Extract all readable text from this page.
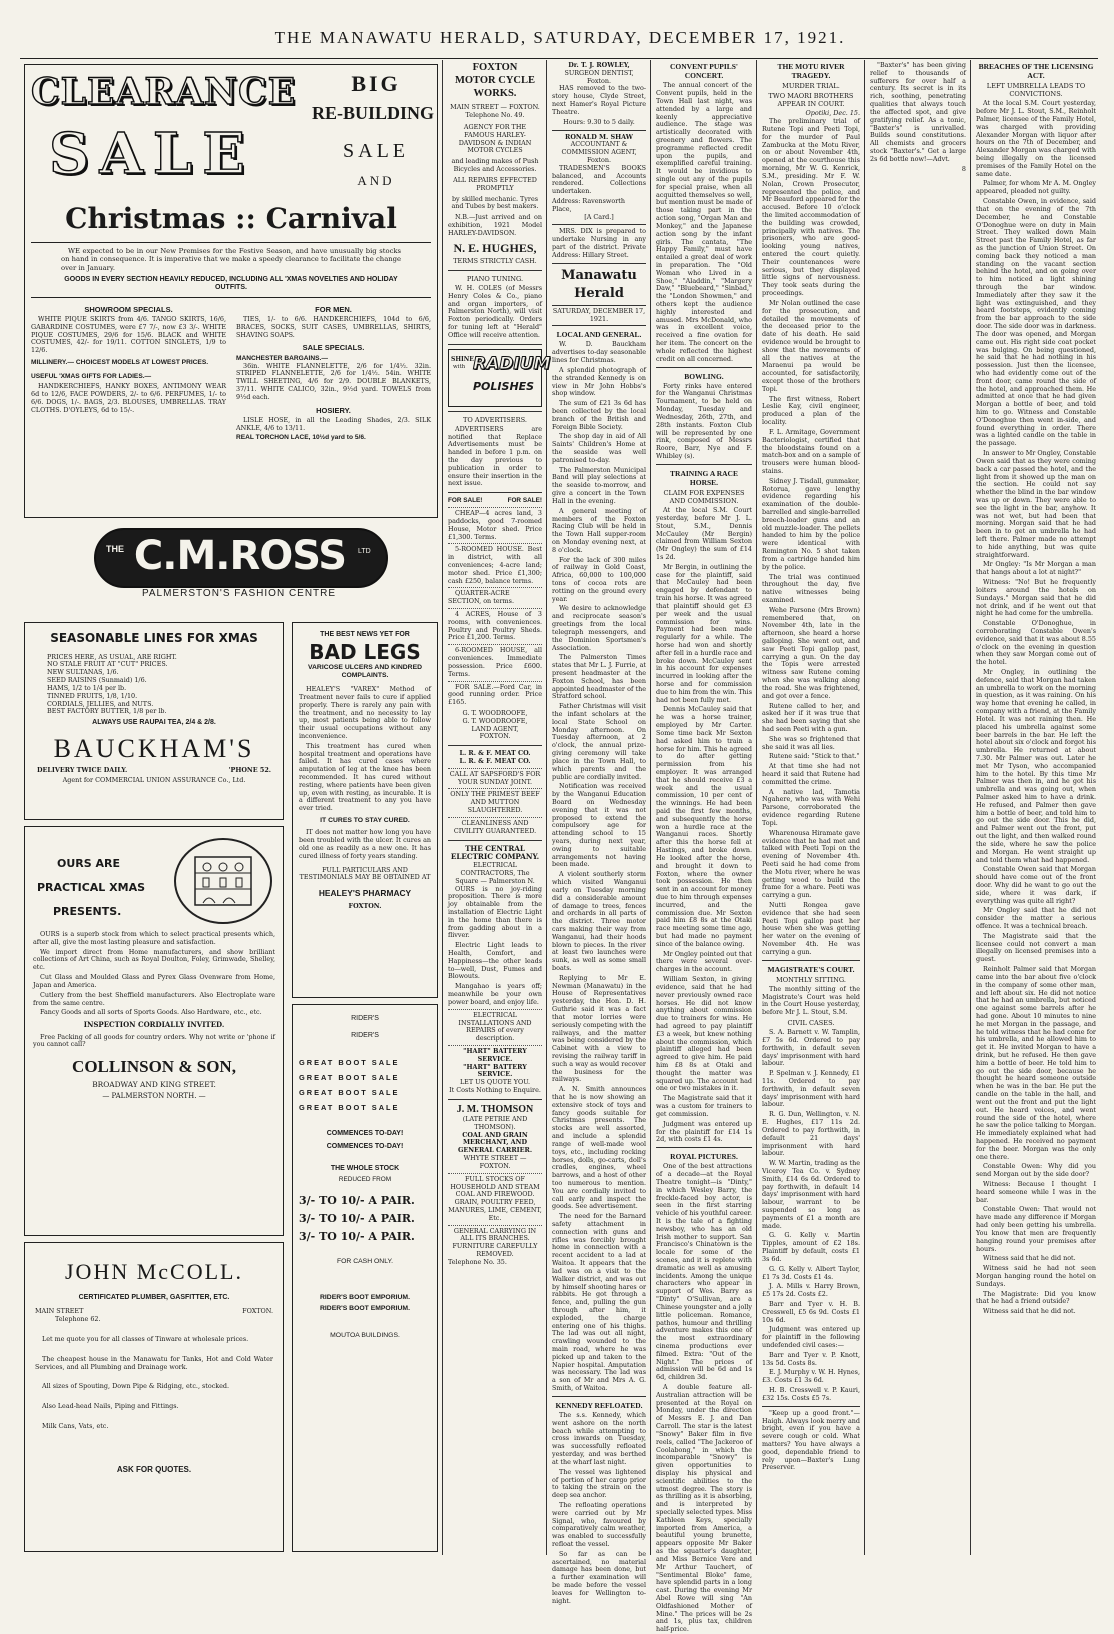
THE MANAWATU HERALD, SATURDAY, DECEMBER 17, 1921.
CLEARANCE
SALE
BIG
RE-BUILDING
SALE
AND
Christmas :: Carnival

WE expected to be in our New Premises for the Festive Season, and have unusually big stocks on hand in consequence. It is imperative that we make a speedy clearance to facilitate the change over in January.

GOODS IN EVERY SECTION HEAVILY REDUCED, INCLUDING ALL 'XMAS NOVELTIES AND HOLIDAY OUTFITS.
SHOWROOM SPECIALS.

WHITE PIQUE SKIRTS from 4/6. TANGO SKIRTS, 16/6, GABARDINE COSTUMES, were £7 7/-, now £3 3/-. WHITE PIQUE COSTUMES, 29/6 for 15/6. BLACK and WHITE COSTUMES, 42/- for 19/11. COTTON SINGLETS, 1/9 to 12/6.

MILLINERY.— CHOICEST MODELS AT LOWEST PRICES.
USEFUL 'XMAS GIFTS FOR LADIES.—

HANDKERCHIEFS, HANKY BOXES, ANTIMONY WEAR 6d to 12/6, FACE POWDERS, 2/- to 6/6. PERFUMES, 1/- to 6/6. DOGS, 1/-. BAGS, 2/3. BLOUSES, UMBRELLAS. TRAY CLOTHS. D'OYLEYS, 6d to 15/-.

FOR MEN.

TIES, 1/- to 6/6. HANDKERCHIEFS, 104d to 6/6, BRACES, SOCKS, SUIT CASES, UMBRELLAS, SHIRTS, SHAVING SOAPS.

SALE SPECIALS.
MANCHESTER BARGAINS.—

36in. WHITE FLANNELETTE, 2/6 for 1/4½. 32in. STRIPED FLANNELETTE, 2/6 for 1/4½. 54in. WHITE TWILL SHEETING, 4/6 for 2/9. DOUBLE BLANKETS, 37/11. WHITE CALICO, 32in., 9½d yard. TOWELS from 9½d each.

HOSIERY.

LISLE HOSE, in all the Leading Shades, 2/3. SILK ANKLE, 4/6 to 13/11.

REAL TORCHON LACE, 10½d yard to 5/6.
THE C.M.ROSS Co
LTD
PALMERSTON'S FASHION CENTRE
SEASONABLE LINES FOR XMAS
PRICES HERE, AS USUAL, ARE RIGHT.
NO STALE FRUIT AT "CUT" PRICES.
NEW SULTANAS, 1/6.
SEED RAISINS (Sunmaid) 1/6.
HAMS, 1/2 to 1/4 per lb.
TINNED FRUITS, 1/8, 1/10.
CORDIALS, JELLIES, and NUTS.
BEST FACTORY BUTTER, 1/8 per lb.
ALWAYS USE RAUPAI TEA, 2/4 & 2/8.
BAUCKHAM'S
DELIVERY TWICE DAILY.	'PHONE 52.
Agent for COMMERCIAL UNION ASSURANCE Co., Ltd.
OURS ARE
PRACTICAL XMAS
PRESENTS.

OURS is a superb stock from which to select practical presents which, after all, give the most lasting pleasure and satisfaction.

We import direct from Home manufacturers, and show brilliant collections of Art China, such as Royal Doulton, Foley, Grimwade, Shelley, etc.

Cut Glass and Moulded Glass and Pyrex Glass Ovenware from Home, Japan and America.

Cutlery from the best Sheffield manufacturers. Also Electroplate ware from the same centre.

Fancy Goods and all sorts of Sports Goods. Also Hardware, etc., etc.

INSPECTION CORDIALLY INVITED.

Free Packing of all goods for country orders. Why not write or 'phone if you cannot call?

COLLINSON & SON,
BROADWAY AND KING STREET.
— PALMERSTON NORTH. —
JOHN McCOLL.
CERTIFICATED PLUMBER, GASFITTER, ETC.
MAIN STREET	FOXTON.
Telephone 62.

Let me quote you for all classes of Tinware at wholesale prices.

The cheapest house in the Manawatu for Tanks, Hot and Cold Water Services, and all Plumbing and Drainage work.

All sizes of Spouting, Down Pipe & Ridging, etc., stocked.

Also Lead-head Nails, Piping and Fittings.

Milk Cans, Vats, etc.

ASK FOR QUOTES.
THE BEST NEWS YET FOR
BAD LEGS
VARICOSE ULCERS AND KINDRED COMPLAINTS.

HEALEY'S "VAREX" Method of Treatment never fails to cure if applied properly. There is rarely any pain with the treatment, and no necessity to lay up, most patients being able to follow their usual occupations without any inconvenience.

This treatment has cured when hospital treatment and operations have failed. It has cured cases where amputation of leg at the knee has been recommended. It has cured without resting, where patients have been given up, even with resting, as incurable. It is a different treatment to any you have ever tried.

IT CURES TO STAY CURED.

IT does not matter how long you have been troubled with the ulcer. It cures an old one as readily as a new one. It has cured illness of forty years standing.

FULL PARTICULARS AND TESTIMONIALS MAY BE OBTAINED AT
HEALEY'S PHARMACY
FOXTON.
RIDER'S
RIDER'S
GREAT BOOT SALE
GREAT BOOT SALE
GREAT BOOT SALE
GREAT BOOT SALE
COMMENCES TO-DAY!
COMMENCES TO-DAY!
THE WHOLE STOCK
REDUCED FROM
3/- TO 10/- A PAIR.
3/- TO 10/- A PAIR.
3/- TO 10/- A PAIR.
FOR CASH ONLY.
RIDER'S BOOT EMPORIUM.
RIDER'S BOOT EMPORIUM.
MOUTOA BUILDINGS.
FOXTON
MOTOR CYCLE
WORKS.
MAIN STREET — FOXTON.
Telephone No. 49.
AGENCY FOR THE FAMOUS HARLEY-DAVIDSON & INDIAN MOTOR CYCLES
and leading makes of Push Bicycles and Accessories.
ALL REPAIRS EFFECTED PROMPTLY
by skilled mechanic. Tyres and Tubes by best makers.

N.B.—Just arrived and on exhibition, 1921 Model HARLEY-DAVIDSON.

N. E. HUGHES,
TERMS STRICTLY CASH.
PIANO TUNING.

W. H. COLES (of Messrs Henry Coles & Co., piano and organ importers, of Palmerston North), will visit Foxton periodically. Orders for tuning left at "Herald" Office will receive attention.

SHINE
with RADIUM
POLISHES
TO ADVERTISERS.

ADVERTISERS are notified that Replace Advertisements must be handed in before 1 p.m. on the day previous to publication in order to ensure their insertion in the next issue.

FOR SALE!	FOR SALE!

CHEAP—4 acres land, 3 paddocks, good 7-roomed House, Motor shed. Price £1,300. Terms.

5-ROOMED HOUSE. Best in district, with all conveniences; 4-acre land; motor shed. Price £1,300; cash £250, balance terms.

QUARTER-ACRE SECTION, on terms.

4 ACRES, House of 3 rooms, with conveniences. Poultry and Poultry Sheds. Price £1,200. Terms.

6-ROOMED HOUSE, all conveniences. Immediate possession. Price £600. Terms.

FOR SALE.—Ford Car, in good running order. Price £165.

G. T. WOODROOFE,
G. T. WOODROOFE,
LAND AGENT,
FOXTON.
L. R. & F. MEAT CO.
L. R. & F. MEAT CO.
CALL AT SAPSFORD'S FOR YOUR SUNDAY JOINT.
ONLY THE PRIMEST BEEF AND MUTTON SLAUGHTERED.
CLEANLINESS AND CIVILITY GUARANTEED.
THE CENTRAL ELECTRIC COMPANY.
ELECTRICAL CONTRACTORS, The Square — Palmerston N.

OURS is no joy-riding proposition. There is more joy obtainable from the installation of Electric Light in the home than there is from gadding about in a flivver.

Electric Light leads to Health, Comfort, and Happiness—the other leads to—well, Dust, Fumes and Blowouts.

Mangahao is years off; meanwhile be your own power board, and enjoy life.

ELECTRICAL INSTALLATIONS AND REPAIRS of every description.
"HART" BATTERY SERVICE.
"HART" BATTERY SERVICE.
LET US QUOTE YOU.
It Costs Nothing to Enquire.
J. M. THOMSON
(LATE PETRIE AND THOMSON).
COAL AND GRAIN MERCHANT, AND GENERAL CARRIER.
WHYTE STREET — FOXTON.
FULL STOCKS OF HOUSEHOLD AND STEAM COAL AND FIREWOOD.
GRAIN, POULTRY FEED, MANURES, LIME, CEMENT, Etc.
GENERAL CARRYING IN ALL ITS BRANCHES.
FURNITURE CAREFULLY REMOVED.
Telephone No. 35.
Dr. T. J. ROWLEY,
SURGEON DENTIST,
Foxton.

HAS removed to the two-story house, Clyde Street, next Hamer's Royal Picture Theatre.

Hours: 9.30 to 5 daily.
RONALD M. SHAW
ACCOUNTANT & COMMISSION AGENT,
Foxton.

TRADESMEN'S BOOKS balanced, and Accounts rendered. Collections undertaken.

Address: Ravensworth Place,
[A Card.]

MRS. DIX is prepared to undertake Nursing in any part of the district. Private Address: Hillary Street.

Manawatu Herald
SATURDAY, DECEMBER 17, 1921.
LOCAL AND GENERAL.

W. D. Bauckham advertises to-day seasonable lines for Christmas.

A splendid photograph of the stranded Kennedy is on view in Mr John Hobbs's shop window.

The sum of £21 3s 6d has been collected by the local branch of the British and Foreign Bible Society.

The shop day in aid of All Saints' Children's Home at the seaside was well patronised to-day.

The Palmerston Municipal Band will play selections at the seaside to-morrow, and give a concert in the Town Hall in the evening.

A general meeting of members of the Foxton Racing Club will be held in the Town Hall supper-room on Monday evening next, at 8 o'clock.

For the lack of 300 miles of railway in Gold Coast, Africa, 60,000 to 100,000 tons of cocoa rots are rotting on the ground every year.

We desire to acknowledge and reciprocate season's greetings from the local telegraph messengers, and the Dominion Sportsmen's Association.

The Palmerston Times states that Mr L. J. Furrie, at present headmaster at the Foxton School, has been appointed headmaster of the Stratford school.

Father Christmas will visit the infant scholars at the local State School on Monday afternoon. On Tuesday afternoon, at 2 o'clock, the annual prize-giving ceremony will take place in the Town Hall, to which parents and the public are cordially invited.

Notification was received by the Wanganui Education Board on Wednesday evening that it was not proposed to extend the compulsory age for attending school to 15 years, during next year, owing to suitable arrangements not having been made.

A violent southerly storm which visited Wanganui early on Tuesday morning did a considerable amount of damage to trees, fences and orchards in all parts of the district. Three motor cars making their way from Wanganui, had their hoods blown to pieces. In the river at least two launches were sunk, as well as some small boats.

Replying to Mr E. Newman (Manawatu) in the House of Representatives yesterday, the Hon. D. H. Guthrie said it was a fact that motor lorries were seriously competing with the railways, and the matter was being considered by the Cabinet with a view to revising the railway tariff in such a way as would recover the business for the railways.

A. N. Smith announces that he is now showing an extensive stock of toys and fancy goods suitable for Christmas presents. The stocks are well assorted, and include a splendid range of well-made wool toys, etc., including rocking horses, dolls, go-carts, doll's cradles, engines, wheel barrows, and a host of other too numerous to mention. You are cordially invited to call early and inspect the goods. See advertisement.

The need for the Barnard safety attachment in connection with guns and rifles was forcibly brought home in connection with a recent accident to a lad at Waitoa. It appears that the lad was on a visit to the Walker district, and was out by himself shooting hares or rabbits. He got through a fence, and, pulling the gun through after him, it exploded, the charge entering one of his thighs. The lad was out all night, crawling wounded to the main road, where he was picked up and taken to the Napier hospital. Amputation was necessary. The lad was a son of Mr and Mrs A. G. Smith, of Waitoa.

KENNEDY REFLOATED.

The s.s. Kennedy, which went ashore on the north beach while attempting to cross inwards on Tuesday, was successfully refloated yesterday, and was berthed at the wharf last night.

The vessel was lightened of portion of her cargo prior to taking the strain on the deep sea anchor.

The refloating operations were carried out by Mr Signal, who, favoured by comparatively calm weather, was enabled to successfully refloat the vessel.

So far as can be ascertained, no material damage has been done, but a further examination will be made before the vessel leaves for Wellington to-night.

CONVENT PUPILS' CONCERT.

The annual concert of the Convent pupils, held in the Town Hall last night, was attended by a large and keenly appreciative audience. The stage was artistically decorated with greenery and flowers. The programme reflected credit upon the pupils, and exemplified careful training. It would be invidious to single out any of the pupils for special praise, when all acquitted themselves so well, but mention must be made of those taking part in the action song, "Organ Man and Monkey," and the Japanese action song by the infant girls. The cantata, "The Happy Family," must have entailed a great deal of work in preparation. The "Old Woman who Lived in a Shoe," "Aladdin," "Margery Daw," "Bluebeard," "Sinbad," the "London Showmen," and others kept the audience highly interested and amused. Mrs McDonald, who was in excellent voice, received a fine ovation for her item. The concert on the whole reflected the highest credit on all concerned.

BOWLING.

Forty rinks have entered for the Wanganui Christmas Tournament, to be held on Monday, Tuesday and Wednesday, 26th, 27th, and 28th instants. Foxton Club will be represented by one rink, composed of Messrs Roore, Barr, Nye and F. Whibley (s).

TRAINING A RACE HORSE.
CLAIM FOR EXPENSES AND COMMISSION.

At the local S.M. Court yesterday, before Mr J. L. Stout, S.M., Dennis McCauley (Mr Bergin) claimed from William Sexton (Mr Ongley) the sum of £14 1s 2d.

Mr Bergin, in outlining the case for the plaintiff, said that McCauley had been engaged by defendant to train his horse. It was agreed that plaintiff should get £3 per week and the usual commission for wins. Payment had been made regularly for a while. The horse had won and shortly after fell in a hurdle race and broke down. McCauley sent in his account for expenses incurred in looking after the horse and for commission due to him from the win. This had not been fully met.

Dennis McCauley said that he was a horse trainer, employed by Mr Carter. Some time back Mr Sexton had asked him to train a horse for him. This he agreed to do after getting permission from his employer. It was arranged that he should receive £3 a week and the usual commission, 10 per cent of the winnings. He had been paid the first few months, and subsequently the horse won a hurdle race at the Wanganui races. Shortly after this the horse fell at Hastings, and broke down. He looked after the horse, and brought it down to Foxton, where the owner took possession. He then sent in an account for money due to him through expenses incurred, and the commission due. Mr Sexton paid him £8 8s at the Otaki race meeting some time ago, but had made no payment since of the balance owing.

Mr Ongley pointed out that there were several over-charges in the account.

William Sexton, in giving evidence, said that he had never previously owned race horses. He did not know anything about commission due to trainers for wins. He had agreed to pay plaintiff £3 a week, but knew nothing about the commission, which plaintiff alleged had been agreed to give him. He paid him £8 8s at Otaki and thought the matter was squared up. The account had one or two mistakes in it.

The Magistrate said that it was a custom for trainers to get commission.

Judgment was entered up for the plaintiff for £14 1s 2d, with costs £1 4s.

ROYAL PICTURES.

One of the best attractions of a decade—at the Royal Theatre tonight—is "Dinty," in which Wesley Barry, the freckle-faced boy actor, is seen in the first starring vehicle of his youthful career. It is the tale of a fighting newsboy, who has an old Irish mother to support. San Francisco's Chinatown is the locale for some of the scenes, and it is replete with dramatic as well as amusing incidents. Among the unique characters who appear in support of Wes. Barry as "Dinty" O'Sullivan, are a Chinese youngster and a jolly little policeman. Romance, pathos, humour and thrilling adventure makes this one of the most extraordinary cinema productions ever filmed. Extra: "Out of the Night." The prices of admission will be 6d and 1s 6d, children 3d.

A double feature all-Australian attraction will be presented at the Royal on Monday, under the direction of Messrs E. J. and Dan Carroll. The star is the latest "Snowy" Baker film in five reels, called "The Jackeroo of Coolabong," in which the incomparable "Snowy" is given opportunities to display his physical and scientific abilities to the utmost degree. The story is as thrilling as it is absorbing, and is interpreted by specially selected types. Miss Kathleen Keys, specially imported from America, a beautiful young brunette, appears opposite Mr Baker as the squatter's daughter, and Miss Bernice Vere and Mr Arthur Tauchert, of "Sentimental Bloke" fame, have splendid parts in a long cast. During the evening Mr Abel Rowe will sing "An Oldfashioned Mother of Mine." The prices will be 2s and 1s, plus tax, children half-price.

THE MOTU RIVER TRAGEDY.
MURDER TRIAL.
TWO MAORI BROTHERS APPEAR IN COURT.
Opotiki, Dec. 15.

The preliminary trial of Rutene Topi and Peeti Topi, for the murder of Paul Zambucka at the Motu River, on or about November 4th, opened at the courthouse this morning, Mr W. G. Kenrick, S.M., presiding. Mr F. W. Nolan, Crown Prosecutor, represented the police, and Mr Beauford appeared for the accused. Before 10 o'clock the limited accommodation of the building was crowded, principally with natives. The prisoners, who are good-looking young natives, entered the court quietly. Their countenances were serious, but they displayed little signs of nervousness. They took seats during the proceedings.

Mr Nolan outlined the case for the prosecution, and detailed the movements of the deceased prior to the date of his death. He said evidence would be brought to show that the movements of all the natives at the Maraenui pa would be accounted, for satisfactorily, except those of the brothers Topi.

The first witness, Robert Leslie Kay, civil engineer, produced a plan of the locality.

F. L. Armitage, Government Bacteriologist, certified that the bloodstains found on a match-box and on a sample of trousers were human blood-stains.

Sidney J. Tisdall, gunmaker, Rotorua, gave lengthy evidence regarding his examination of the double-barrelled and single-barrelled breech-loader guns and an old muzzle-loader. The pellets handed to him by the police were identical with Remington No. 5 shot taken from a cartridge handed him by the police.

The trial was continued throughout the day, five native witnesses being examined.

Wehe Parsone (Mrs Brown) remembered that, on November 4th, late in the afternoon, she heard a horse galloping. She went out, and saw Peeti Topi gallop past, carrying a gun. On the day the Topis were arrested witness saw Rutene coming when she was walking along the road. She was frightened, and got over a fence.

Rutene called to her, and asked her if it was true that she had been saying that she had seen Peeti with a gun.

She was so frightened that she said it was all lies.

Rutene said: "Stick to that."

At that time she had not heard it said that Rutene had committed the crime.

A native lad, Tamotia Ngahere, who was with Wehi Parsone, corroborated the evidence regarding Rutene Topi.

Wharenousa Hiramate gave evidence that he had met and talked with Peeti Topi on the evening of November 4th. Peeti said he had come from the Motu river, where he was getting wood to build the frame for a whare. Peeti was carrying a gun.

Nutti Rongea gave evidence that she had seen Peeti Topi gallop past her house when she was getting her water on the evening of November 4th. He was carrying a gun.

MAGISTRATE'S COURT.
MONTHLY SITTING.

The monthly sitting of the Magistrate's Court was held in the Court House yesterday, before Mr J. L. Stout, S.M.

CIVIL CASES.

S. A. Barnett v. W. Tamplin, £7 5s 6d. Ordered to pay forthwith, in default seven days' imprisonment with hard labour.

P. Spelman v. J. Kennedy, £1 11s. Ordered to pay forthwith, in default seven days' imprisonment with hard labour.

R. G. Dun, Wellington, v. N. E. Hughes, £17 11s 2d. Ordered to pay forthwith, in default 21 days' imprisonment with hard labour.

W. W. Martin, trading as the Viceroy Tea Co. v. Sydney Smith, £14 6s 6d. Ordered to pay forthwith, in default 14 days' imprisonment with hard labour, warrant to be suspended so long as payments of £1 a month are made.

G. G. Kelly v. Martin Tipples, amount of £2 18s. Plaintiff by default, costs £1 3s 6d.

G. G. Kelly v. Albert Taylor, £1 7s 3d. Costs £1 4s.

J. A. Mills v. Harry Brown, £5 17s 2d. Costs £2.

Barr and Tyer v. H. B. Cresswell, £5 6s 9d. Costs £1 10s 6d.

Judgment was entered up for plaintiff in the following undefended civil cases:—

Barr and Tyer v. P. Knott, 13s 5d. Costs 8s.

E. J. Murphy v. W. H. Hynes, £3. Costs £1 3s 6d.

H. B. Cresswell v. P. Kauri, £32 15s. Costs £5 7s.

"Keep up a good front."—Haigh. Always look merry and bright, even if you have a severe cough or cold. What matters? You have always a good, dependable friend to rely upon—Baxter's Lung Preserver.

BREACHES OF THE LICENSING ACT.
LEFT UMBRELLA LEADS TO CONVICTIONS.

At the local S.M. Court yesterday, before Mr J. L. Stout, S.M., Reinholt Palmer, licensee of the Family Hotel, was charged with providing Alexander Morgan with liquor after hours on the 7th of December, and Alexander Morgan was charged with being illegally on the licensed premises of the Family Hotel on the same date.

Palmer, for whom Mr A. M. Ongley appeared, pleaded not guilty.

Constable Owen, in evidence, said that on the evening of the 7th December, he and Constable O'Donoghue were on duty in Main Street. They walked down Main Street past the Family Hotel, as far as the junction of Union Street. On coming back they noticed a man standing on the vacant section behind the hotel, and on going over to him noticed a light shining through the bar window. Immediately after they saw it the light was extinguished, and they heard footsteps, evidently coming from the bar approach to the side door. The side door was in darkness. The door was opened, and Morgan came out. His right side coat pocket was bulging. On being questioned, he said that he had nothing in his possession. Just then the licensee, who had evidently come out of the front door, came round the side of the hotel, and approached them. He admitted at once that he had given Morgan a bottle of beer, and told him to go. Witness and Constable O'Donoghue then went in-side, and found everything in order. There was a lighted candle on the table in the passage.

In answer to Mr Ongley, Constable Owen said that as they were coming back a car passed the hotel, and the light from it showed up the man on the section. He could not say whether the blind in the bar window was up or down. They were able to see the light in the bar, anyhow. It was not wet, but had been that morning. Morgan said that he had been in to get an umbrella he had left there. Palmer made no attempt to hide anything, but was quite straightforward.

Mr Ongley: "Is Mr Morgan a man that hangs about a lot at night?"

Witness: "No! But he frequently loiters around the hotels on Sundays." Morgan said that he did not drink, and if he went out that night he had come for the umbrella.

Constable O'Donoghue, in corroborating Constable Owen's evidence, said that it was about 8.55 o'clock on the evening in question when they saw Morgan come out of the hotel.

Mr Ongley, in outlining the defence, said that Morgan had taken an umbrella to work on the morning in question, as it was raining. On his way home that evening he called, in company with a friend, at the Family Hotel. It was not raining then. He placed his umbrella against some beer barrels in the bar. He left the hotel about six o'clock and forgot his umbrella. He returned at about 7.30. Mr Palmer was out. Later he met Mr Tyson, who accompanied him to the hotel. By this time Mr Palmer was then in, and he got his umbrella and was going out, when Palmer asked him to have a drink. He refused, and Palmer then gave him a bottle of beer, and told him to go out the side door. This he did, and Palmer went out the front, put out the light, and then walked round the side, where he saw the police and Morgan. He went straight up and told them what had happened.

Constable Owen said that Morgan should have come out of the front door. Why did he want to go out the side, where it was dark, if everything was quite all right?

Mr Ongley said that he did not consider the matter a serious offence. It was a technical breach.

The Magistrate said that the licensee could not convert a man illegally on licensed premises into a guest.

Reinholt Palmer said that Morgan came into the bar about five o'clock in the company of some other man, and left about six. He did not notice that he had an umbrella, but noticed one against some barrels after he had gone. About 10 minutes to nine he met Morgan in the passage, and he told witness that he had come for his umbrella, and he allowed him to get it. He invited Morgan to have a drink, but he refused. He then gave him a bottle of beer. He told him to go out the side door, because he thought he heard someone outside when he was in the bar. He put the candle on the table in the hall, and went out the front and put the light out. He heard voices, and went round the side of the hotel, where he saw the police talking to Morgan. He immediately explained what had happened. He received no payment for the beer. Morgan was the only one there.

Constable Owen: Why did you send Morgan out by the side door?

Witness: Because I thought I heard someone while I was in the bar.

Constable Owen: That would not have made any difference if Morgan had only been getting his umbrella. You know that men are frequently hanging round your premises after hours.

Witness said that he did not.

Witness said he had not seen Morgan hanging round the hotel on Sundays.

The Magistrate: Did you know that he had a friend outside?

Witness said that he did not.

"Baxter's" has been giving relief to thousands of sufferers for over half a century. Its secret is in its rich, soothing, penetrating qualities that always touch the affected spot, and give gratifying relief. As a tonic, "Baxter's" is unrivalled. Builds sound constitutions. All chemists and grocers stock "Baxter's." Get a large 2s 6d bottle now!—Advt.

8
